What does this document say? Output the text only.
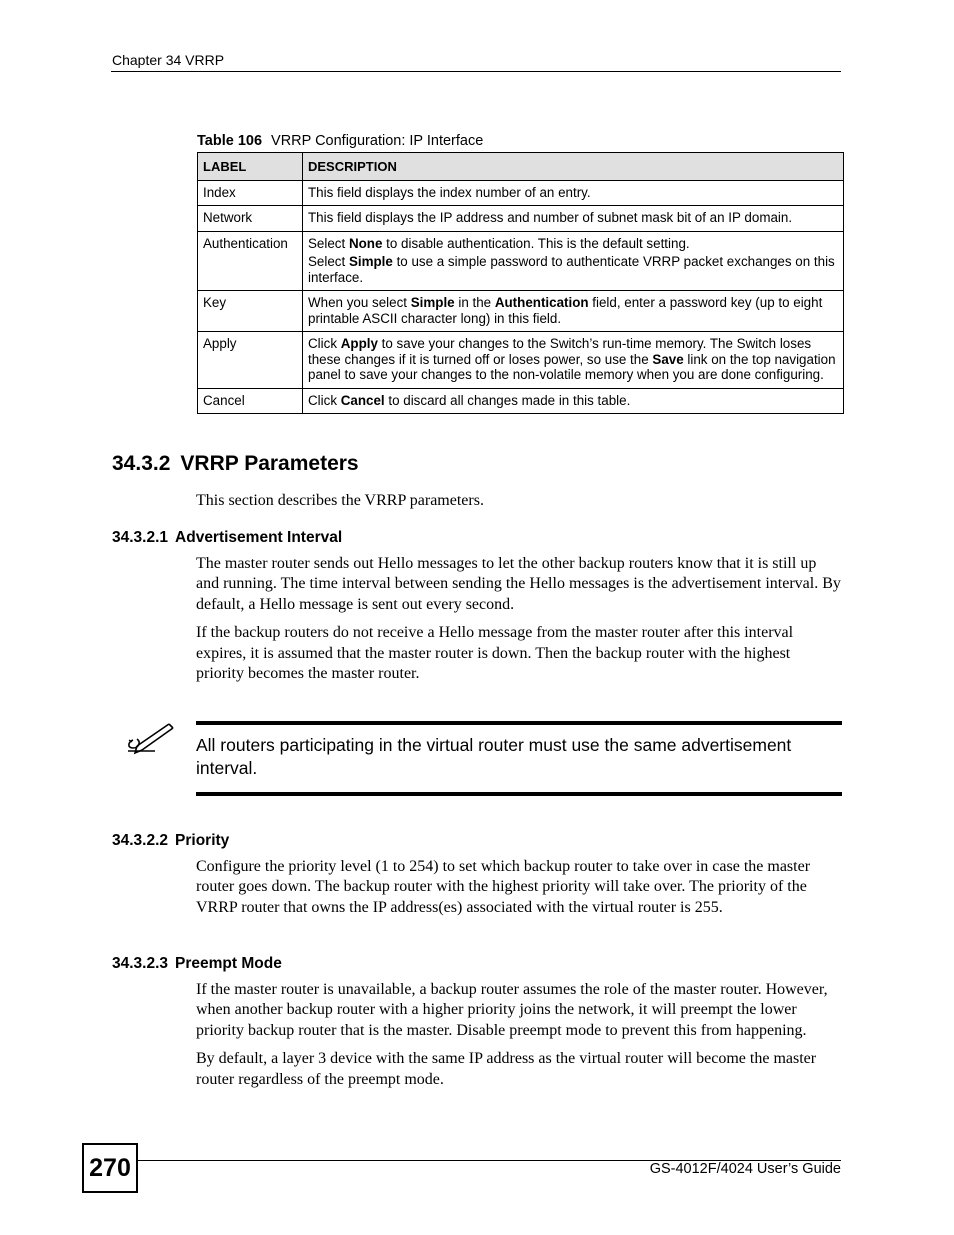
Chapter 34 VRRP
Table 106 VRRP Configuration: IP Interface
LABEL	DESCRIPTION
Index	This field displays the index number of an entry.

Network	This field displays the IP address and number of subnet mask bit of an IP domain.

Authentication	Select None to disable authentication. This is the default setting.

Select Simple to use a simple password to authenticate VRRP packet exchanges on this interface.

Key	When you select Simple in the Authentication field, enter a password key (up to eight printable ASCII character long) in this field.

Apply	Click Apply to save your changes to the Switch’s run-time memory. The Switch loses these changes if it is turned off or loses power, so use the Save link on the top navigation panel to save your changes to the non-volatile memory when you are done configuring.

Cancel	Click Cancel to discard all changes made in this table.

34.3.2 VRRP Parameters

This section describes the VRRP parameters.

34.3.2.1 Advertisement Interval

The master router sends out Hello messages to let the other backup routers know that it is still up and running. The time interval between sending the Hello messages is the advertisement interval. By default, a Hello message is sent out every second.

If the backup routers do not receive a Hello message from the master router after this interval expires, it is assumed that the master router is down. Then the backup router with the highest priority becomes the master router.

All routers participating in the virtual router must use the same advertisement interval.
34.3.2.2 Priority

Configure the priority level (1 to 254) to set which backup router to take over in case the master router goes down. The backup router with the highest priority will take over. The priority of the VRRP router that owns the IP address(es) associated with the virtual router is 255.

34.3.2.3 Preempt Mode

If the master router is unavailable, a backup router assumes the role of the master router. However, when another backup router with a higher priority joins the network, it will preempt the lower priority backup router that is the master. Disable preempt mode to prevent this from happening.

By default, a layer 3 device with the same IP address as the virtual router will become the master router regardless of the preempt mode.

270	GS-4012F/4024 User’s Guide
